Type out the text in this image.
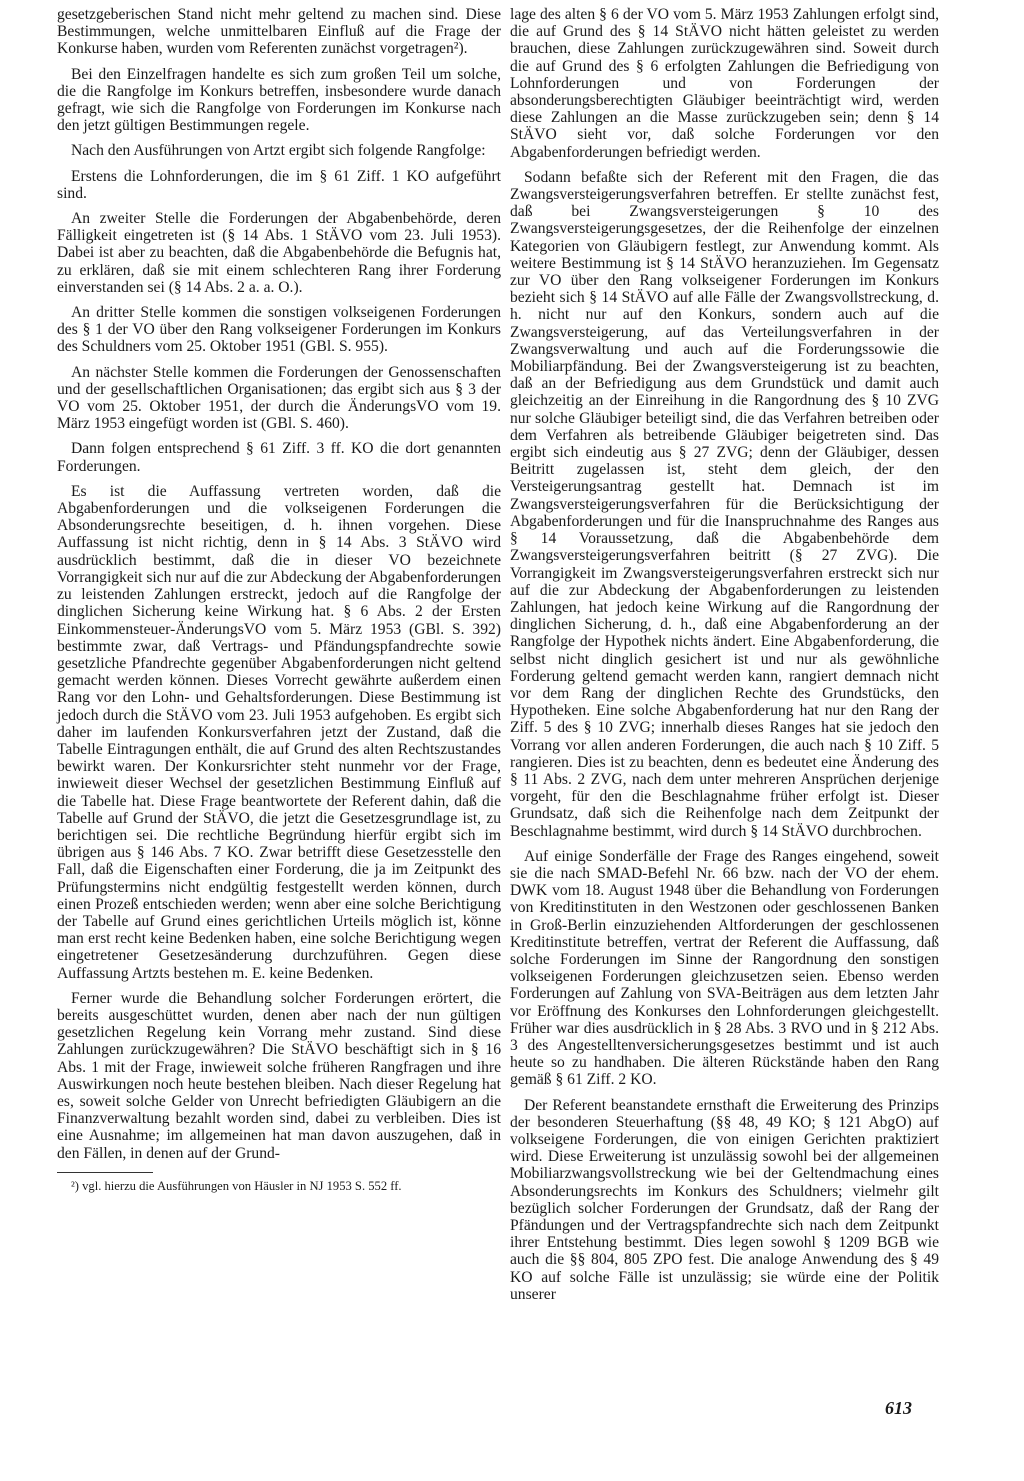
gesetzgeberischen Stand nicht mehr geltend zu machen sind. Diese Bestimmungen, welche unmittelbaren Einfluß auf die Frage der Konkurse haben, wurden vom Referenten zunächst vorgetragen²).

Bei den Einzelfragen handelte es sich zum großen Teil um solche, die die Rangfolge im Konkurs betreffen, insbesondere wurde danach gefragt, wie sich die Rangfolge von Forderungen im Konkurse nach den jetzt gültigen Bestimmungen regele.

Nach den Ausführungen von Artzt ergibt sich folgende Rangfolge:

Erstens die Lohnforderungen, die im § 61 Ziff. 1 KO aufgeführt sind.

An zweiter Stelle die Forderungen der Abgabenbehörde, deren Fälligkeit eingetreten ist (§ 14 Abs. 1 StÄVO vom 23. Juli 1953). Dabei ist aber zu beachten, daß die Abgabenbehörde die Befugnis hat, zu erklären, daß sie mit einem schlechteren Rang ihrer Forderung einverstanden sei (§ 14 Abs. 2 a. a. O.).

An dritter Stelle kommen die sonstigen volkseigenen Forderungen des § 1 der VO über den Rang volkseigener Forderungen im Konkurs des Schuldners vom 25. Oktober 1951 (GBl. S. 955).

An nächster Stelle kommen die Forderungen der Genossenschaften und der gesellschaftlichen Organisationen; das ergibt sich aus § 3 der VO vom 25. Oktober 1951, der durch die ÄnderungsVO vom 19. März 1953 eingefügt worden ist (GBl. S. 460).

Dann folgen entsprechend § 61 Ziff. 3 ff. KO die dort genannten Forderungen.

Es ist die Auffassung vertreten worden, daß die Abgabenforderungen und die volkseigenen Forderungen die Absonderungsrechte beseitigen, d. h. ihnen vorgehen. Diese Auffassung ist nicht richtig, denn in § 14 Abs. 3 StÄVO wird ausdrücklich bestimmt, daß die in dieser VO bezeichnete Vorrangigkeit sich nur auf die zur Abdeckung der Abgabenforderungen zu leistenden Zahlungen erstreckt, jedoch auf die Rangfolge der dinglichen Sicherung keine Wirkung hat. § 6 Abs. 2 der Ersten Einkommensteuer-ÄnderungsVO vom 5. März 1953 (GBl. S. 392) bestimmte zwar, daß Vertrags- und Pfändungspfandrechte sowie gesetzliche Pfandrechte gegenüber Abgabenforderungen nicht geltend gemacht werden können. Dieses Vorrecht gewährte außerdem einen Rang vor den Lohn- und Gehaltsforderungen. Diese Bestimmung ist jedoch durch die StÄVO vom 23. Juli 1953 aufgehoben. Es ergibt sich daher im laufenden Konkursverfahren jetzt der Zustand, daß die Tabelle Eintragungen enthält, die auf Grund des alten Rechtszustandes bewirkt waren. Der Konkursrichter steht nunmehr vor der Frage, inwieweit dieser Wechsel der gesetzlichen Bestimmung Einfluß auf die Tabelle hat. Diese Frage beantwortete der Referent dahin, daß die Tabelle auf Grund der StÄVO, die jetzt die Gesetzesgrundlage ist, zu berichtigen sei. Die rechtliche Begründung hierfür ergibt sich im übrigen aus § 146 Abs. 7 KO. Zwar betrifft diese Gesetzesstelle den Fall, daß die Eigenschaften einer Forderung, die ja im Zeitpunkt des Prüfungstermins nicht endgültig festgestellt werden können, durch einen Prozeß entschieden werden; wenn aber eine solche Berichtigung der Tabelle auf Grund eines gerichtlichen Urteils möglich ist, könne man erst recht keine Bedenken haben, eine solche Berichtigung wegen eingetretener Gesetzesänderung durchzuführen. Gegen diese Auffassung Artzts bestehen m. E. keine Bedenken.

Ferner wurde die Behandlung solcher Forderungen erörtert, die bereits ausgeschüttet wurden, denen aber nach der nun gültigen gesetzlichen Regelung kein Vorrang mehr zustand. Sind diese Zahlungen zurückzugewähren? Die StÄVO beschäftigt sich in § 16 Abs. 1 mit der Frage, inwieweit solche früheren Rangfragen und ihre Auswirkungen noch heute bestehen bleiben. Nach dieser Regelung hat es, soweit solche Gelder von Unrecht befriedigten Gläubigern an die Finanzverwaltung bezahlt worden sind, dabei zu verbleiben. Dies ist eine Ausnahme; im allgemeinen hat man davon auszugehen, daß in den Fällen, in denen auf der Grund-

²) vgl. hierzu die Ausführungen von Häusler in NJ 1953 S. 552 ff.

lage des alten § 6 der VO vom 5. März 1953 Zahlungen erfolgt sind, die auf Grund des § 14 StÄVO nicht hätten geleistet zu werden brauchen, diese Zahlungen zurückzugewähren sind. Soweit durch die auf Grund des § 6 erfolgten Zahlungen die Befriedigung von Lohnforderungen und von Forderungen der absonderungsberechtigten Gläubiger beeinträchtigt wird, werden diese Zahlungen an die Masse zurückzugeben sein; denn § 14 StÄVO sieht vor, daß solche Forderungen vor den Abgabenforderungen befriedigt werden.

Sodann befaßte sich der Referent mit den Fragen, die das Zwangsversteigerungsverfahren betreffen. Er stellte zunächst fest, daß bei Zwangsversteigerungen § 10 des Zwangsversteigerungsgesetzes, der die Reihenfolge der einzelnen Kategorien von Gläubigern festlegt, zur Anwendung kommt. Als weitere Bestimmung ist § 14 StÄVO heranzuziehen. Im Gegensatz zur VO über den Rang volkseigener Forderungen im Konkurs bezieht sich § 14 StÄVO auf alle Fälle der Zwangsvollstreckung, d. h. nicht nur auf den Konkurs, sondern auch auf die Zwangsversteigerung, auf das Verteilungsverfahren in der Zwangsverwaltung und auch auf die Forderungssowie die Mobiliarpfändung. Bei der Zwangsversteigerung ist zu beachten, daß an der Befriedigung aus dem Grundstück und damit auch gleichzeitig an der Einreihung in die Rangordnung des § 10 ZVG nur solche Gläubiger beteiligt sind, die das Verfahren betreiben oder dem Verfahren als betreibende Gläubiger beigetreten sind. Das ergibt sich eindeutig aus § 27 ZVG; denn der Gläubiger, dessen Beitritt zugelassen ist, steht dem gleich, der den Versteigerungsantrag gestellt hat. Demnach ist im Zwangsversteigerungsverfahren für die Berücksichtigung der Abgabenforderungen und für die Inanspruchnahme des Ranges aus § 14 Voraussetzung, daß die Abgabenbehörde dem Zwangsversteigerungsverfahren beitritt (§ 27 ZVG). Die Vorrangigkeit im Zwangsversteigerungsverfahren erstreckt sich nur auf die zur Abdeckung der Abgabenforderungen zu leistenden Zahlungen, hat jedoch keine Wirkung auf die Rangordnung der dinglichen Sicherung, d. h., daß eine Abgabenforderung an der Rangfolge der Hypothek nichts ändert. Eine Abgabenforderung, die selbst nicht dinglich gesichert ist und nur als gewöhnliche Forderung geltend gemacht werden kann, rangiert demnach nicht vor dem Rang der dinglichen Rechte des Grundstücks, den Hypotheken. Eine solche Abgabenforderung hat nur den Rang der Ziff. 5 des § 10 ZVG; innerhalb dieses Ranges hat sie jedoch den Vorrang vor allen anderen Forderungen, die auch nach § 10 Ziff. 5 rangieren. Dies ist zu beachten, denn es bedeutet eine Änderung des § 11 Abs. 2 ZVG, nach dem unter mehreren Ansprüchen derjenige vorgeht, für den die Beschlagnahme früher erfolgt ist. Dieser Grundsatz, daß sich die Reihenfolge nach dem Zeitpunkt der Beschlagnahme bestimmt, wird durch § 14 StÄVO durchbrochen.

Auf einige Sonderfälle der Frage des Ranges eingehend, soweit sie die nach SMAD-Befehl Nr. 66 bzw. nach der VO der ehem. DWK vom 18. August 1948 über die Behandlung von Forderungen von Kreditinstituten in den Westzonen oder geschlossenen Banken in Groß-Berlin einzuziehenden Altforderungen der geschlossenen Kreditinstitute betreffen, vertrat der Referent die Auffassung, daß solche Forderungen im Sinne der Rangordnung den sonstigen volkseigenen Forderungen gleichzusetzen seien. Ebenso werden Forderungen auf Zahlung von SVA-Beiträgen aus dem letzten Jahr vor Eröffnung des Konkurses den Lohnforderungen gleichgestellt. Früher war dies ausdrücklich in § 28 Abs. 3 RVO und in § 212 Abs. 3 des Angestelltenversicherungsgesetzes bestimmt und ist auch heute so zu handhaben. Die älteren Rückstände haben den Rang gemäß § 61 Ziff. 2 KO.

Der Referent beanstandete ernsthaft die Erweiterung des Prinzips der besonderen Steuerhaftung (§§ 48, 49 KO; § 121 AbgO) auf volkseigene Forderungen, die von einigen Gerichten praktiziert wird. Diese Erweiterung ist unzulässig sowohl bei der allgemeinen Mobiliarzwangsvollstreckung wie bei der Geltendmachung eines Absonderungsrechts im Konkurs des Schuldners; vielmehr gilt bezüglich solcher Forderungen der Grundsatz, daß der Rang der Pfändungen und der Vertragspfandrechte sich nach dem Zeitpunkt ihrer Entstehung bestimmt. Dies legen sowohl § 1209 BGB wie auch die §§ 804, 805 ZPO fest. Die analoge Anwendung des § 49 KO auf solche Fälle ist unzulässig; sie würde eine der Politik unserer

613
